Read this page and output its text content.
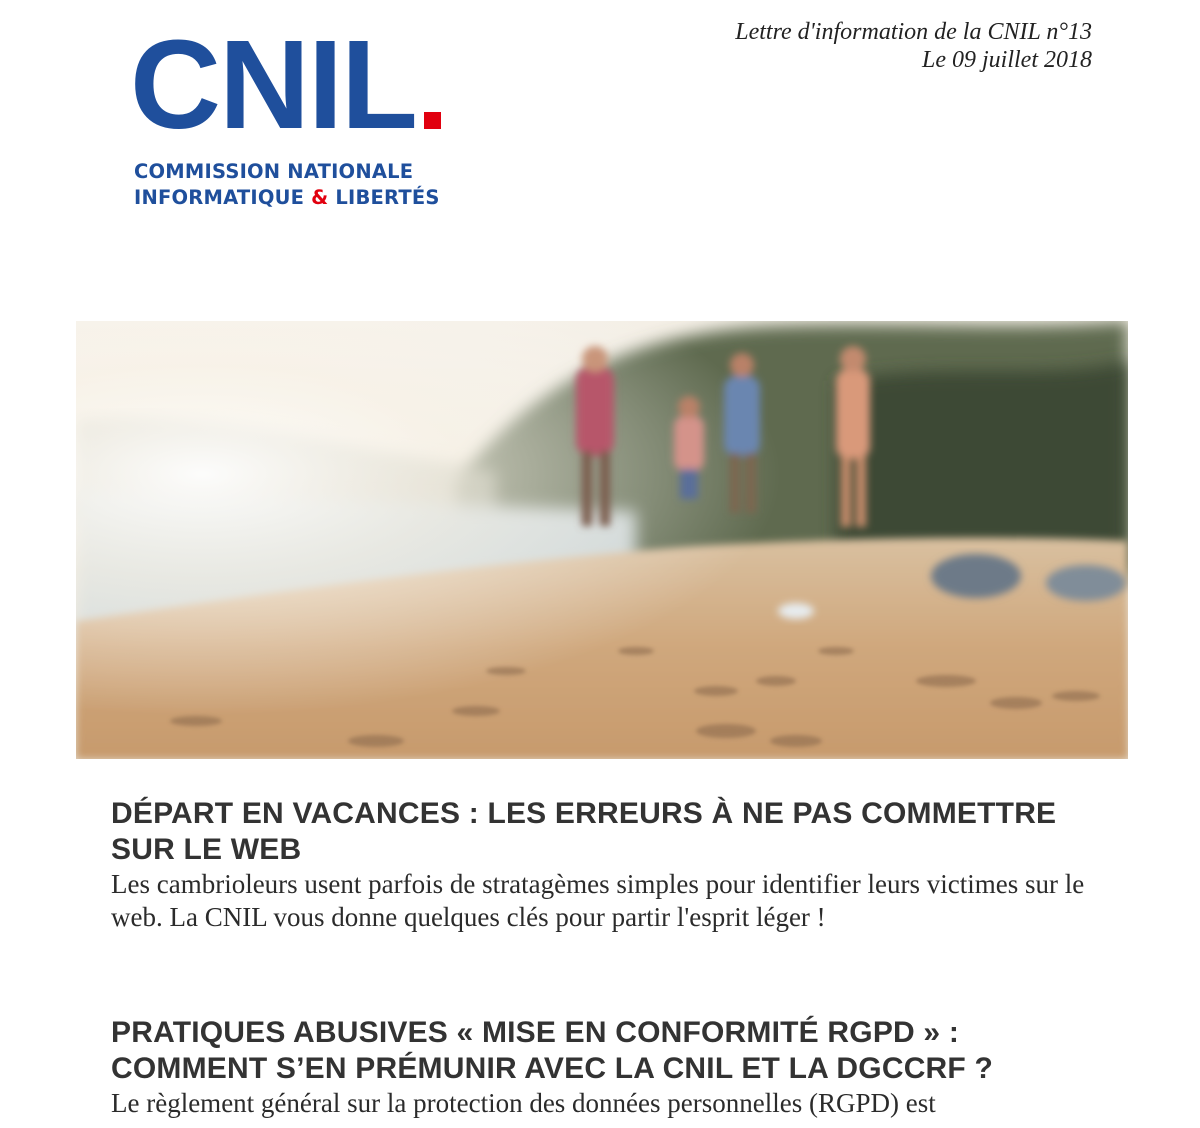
CNIL
COMMISSION NATIONALE
INFORMATIQUE & LIBERTÉS
Lettre d'information de la CNIL n°13
Le 09 juillet 2018
DÉPART EN VACANCES : LES ERREURS À NE PAS COMMETTRE SUR LE WEB

Les cambrioleurs usent parfois de stratagèmes simples pour identifier leurs victimes sur le web. La CNIL vous donne quelques clés pour partir l'esprit léger !

PRATIQUES ABUSIVES « MISE EN CONFORMITÉ RGPD » : COMMENT S’EN PRÉMUNIR AVEC LA CNIL ET LA DGCCRF ?

Le règlement général sur la protection des données personnelles (RGPD) est
